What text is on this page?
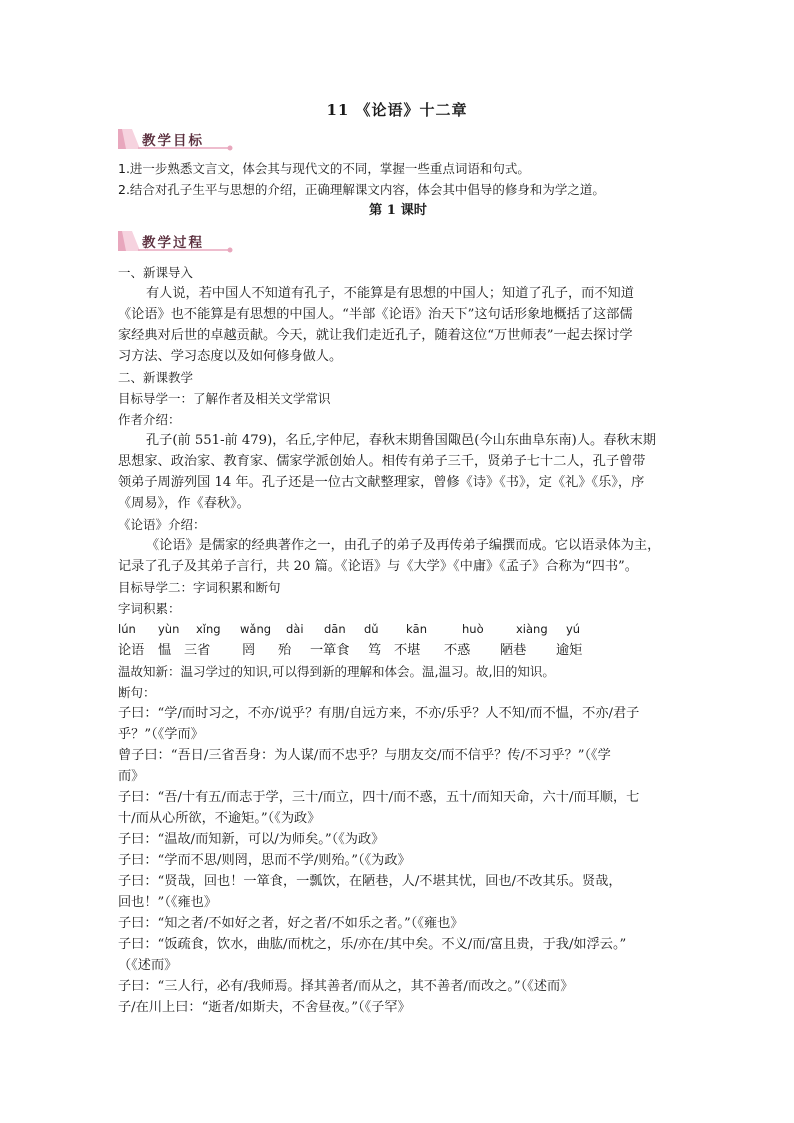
11 《论语》十二章
教学目标
1.进一步熟悉文言文，体会其与现代文的不同，掌握一些重点词语和句式。
2.结合对孔子生平与思想的介绍，正确理解课文内容，体会其中倡导的修身和为学之道。
第 1 课时
教学过程
一、新课导入
有人说，若中国人不知道有孔子，不能算是有思想的中国人；知道了孔子，而不知道
《论语》也不能算是有思想的中国人。“半部《论语》治天下”这句话形象地概括了这部儒
家经典对后世的卓越贡献。今天，就让我们走近孔子，随着这位“万世师表”一起去探讨学
习方法、学习态度以及如何修身做人。
二、新课教学
目标导学一：了解作者及相关文学常识
作者介绍：
孔子(前 551-前 479)，名丘,字仲尼，春秋末期鲁国陬邑(今山东曲阜东南)人。春秋末期
思想家、政治家、教育家、儒家学派创始人。相传有弟子三千，贤弟子七十二人，孔子曾带
领弟子周游列国 14 年。孔子还是一位古文献整理家，曾修《诗》《书》，定《礼》《乐》，序
《周易》，作《春秋》。
《论语》介绍：
《论语》是儒家的经典著作之一，由孔子的弟子及再传弟子编撰而成。它以语录体为主，
记录了孔子及其弟子言行，共 20 篇。《论语》与《大学》《中庸》《孟子》合称为“四书”。
目标导学二：字词积累和断句
字词积累：
lún yùn xǐng wǎng dài dān dǔ kān	huò	xiàng yú
论语 愠 三省 罔 殆 一箪食 笃 不堪 不惑 陋巷 逾矩
温故知新：温习学过的知识,可以得到新的理解和体会。温,温习。故,旧的知识。
断句：
子曰：“学/而时习之，不亦/说乎？有朋/自远方来，不亦/乐乎？人不知/而不愠，不亦/君子
乎？”（《学而》
曾子曰：“吾日/三省吾身：为人谋/而不忠乎？与朋友交/而不信乎？传/不习乎？”（《学
而》
子曰：“吾/十有五/而志于学，三十/而立，四十/而不惑，五十/而知天命，六十/而耳顺，七
十/而从心所欲，不逾矩。”（《为政》
子曰：“温故/而知新，可以/为师矣。”（《为政》
子曰：“学而不思/则罔，思而不学/则殆。”（《为政》
子曰：“贤哉，回也！一箪食，一瓢饮，在陋巷，人/不堪其忧，回也/不改其乐。贤哉，
回也！”（《雍也》
子曰：“知之者/不如好之者，好之者/不如乐之者。”（《雍也》
子曰：“饭疏食，饮水，曲肱/而枕之，乐/亦在/其中矣。不义/而/富且贵，于我/如浮云。”
（《述而》
子曰：“三人行，必有/我师焉。择其善者/而从之，其不善者/而改之。”（《述而》
子/在川上曰：“逝者/如斯夫，不舍昼夜。”（《子罕》
